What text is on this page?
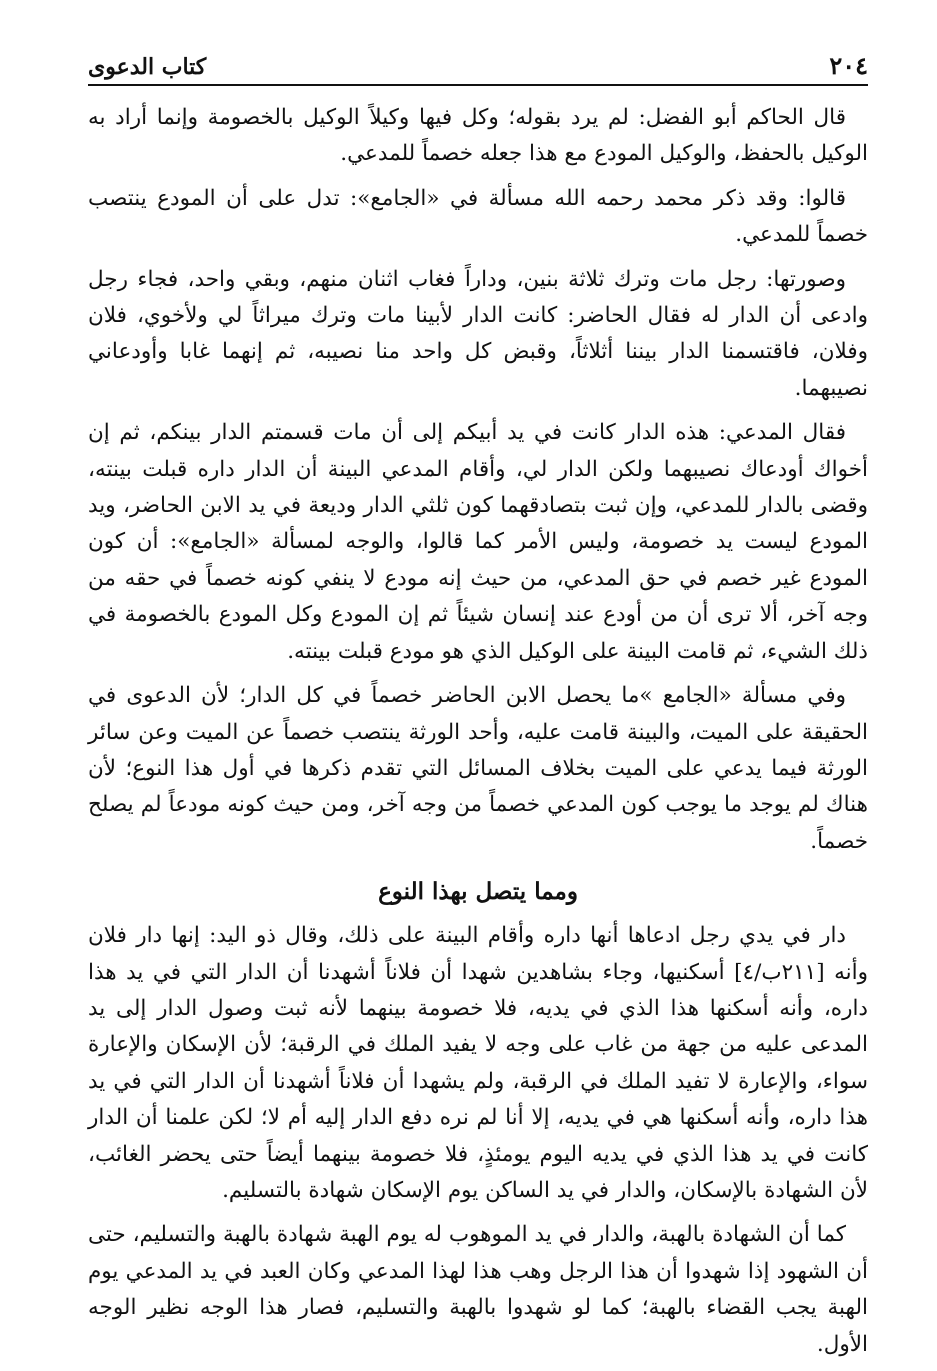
٢٠٤
كتاب الدعوى

قال الحاكم أبو الفضل: لم يرد بقوله؛ وكل فيها وكيلاً الوكيل بالخصومة وإنما أراد به الوكيل بالحفظ، والوكيل المودع مع هذا جعله خصماً للمدعي.

قالوا: وقد ذكر محمد رحمه الله مسألة في «الجامع»: تدل على أن المودع ينتصب خصماً للمدعي.

وصورتها: رجل مات وترك ثلاثة بنين، وداراً فغاب اثنان منهم، وبقي واحد، فجاء رجل وادعى أن الدار له فقال الحاضر: كانت الدار لأبينا مات وترك ميراثاً لي ولأخوي، فلان وفلان، فاقتسمنا الدار بيننا أثلاثاً، وقبض كل واحد منا نصيبه، ثم إنهما غابا وأودعاني نصيبهما.

فقال المدعي: هذه الدار كانت في يد أبيكم إلى أن مات قسمتم الدار بينكم، ثم إن أخواك أودعاك نصيبهما ولكن الدار لي، وأقام المدعي البينة أن الدار داره قبلت بينته، وقضى بالدار للمدعي، وإن ثبت بتصادقهما كون ثلثي الدار وديعة في يد الابن الحاضر، ويد المودع ليست يد خصومة، وليس الأمر كما قالوا، والوجه لمسألة «الجامع»: أن كون المودع غير خصم في حق المدعي، من حيث إنه مودع لا ينفي كونه خصماً في حقه من وجه آخر، ألا ترى أن من أودع عند إنسان شيئاً ثم إن المودع وكل المودع بالخصومة في ذلك الشيء، ثم قامت البينة على الوكيل الذي هو مودع قبلت بينته.

وفي مسألة «الجامع »ما يحصل الابن الحاضر خصماً في كل الدار؛ لأن الدعوى في الحقيقة على الميت، والبينة قامت عليه، وأحد الورثة ينتصب خصماً عن الميت وعن سائر الورثة فيما يدعي على الميت بخلاف المسائل التي تقدم ذكرها في أول هذا النوع؛ لأن هناك لم يوجد ما يوجب كون المدعي خصماً من وجه آخر، ومن حيث كونه مودعاً لم يصلح خصماً.

ومما يتصل بهذا النوع

دار في يدي رجل ادعاها أنها داره وأقام البينة على ذلك، وقال ذو اليد: إنها دار فلان وأنه [٢١١ب/٤] أسكنيها، وجاء بشاهدين شهدا أن فلاناً أشهدنا أن الدار التي في يد هذا داره، وأنه أسكنها هذا الذي في يديه، فلا خصومة بينهما لأنه ثبت وصول الدار إلى يد المدعى عليه من جهة من غاب على وجه لا يفيد الملك في الرقبة؛ لأن الإسكان والإعارة سواء، والإعارة لا تفيد الملك في الرقبة، ولم يشهدا أن فلاناً أشهدنا أن الدار التي في يد هذا داره، وأنه أسكنها هي في يديه، إلا أنا لم نره دفع الدار إليه أم لا؛ لكن علمنا أن الدار كانت في يد هذا الذي في يديه اليوم يومئذٍ، فلا خصومة بينهما أيضاً حتى يحضر الغائب، لأن الشهادة بالإسكان، والدار في يد الساكن يوم الإسكان شهادة بالتسليم.

كما أن الشهادة بالهبة، والدار في يد الموهوب له يوم الهبة شهادة بالهبة والتسليم، حتى أن الشهود إذا شهدوا أن هذا الرجل وهب هذا لهذا المدعي وكان العبد في يد المدعي يوم الهبة يجب القضاء بالهبة؛ كما لو شهدوا بالهبة والتسليم، فصار هذا الوجه نظير الوجه الأول.
